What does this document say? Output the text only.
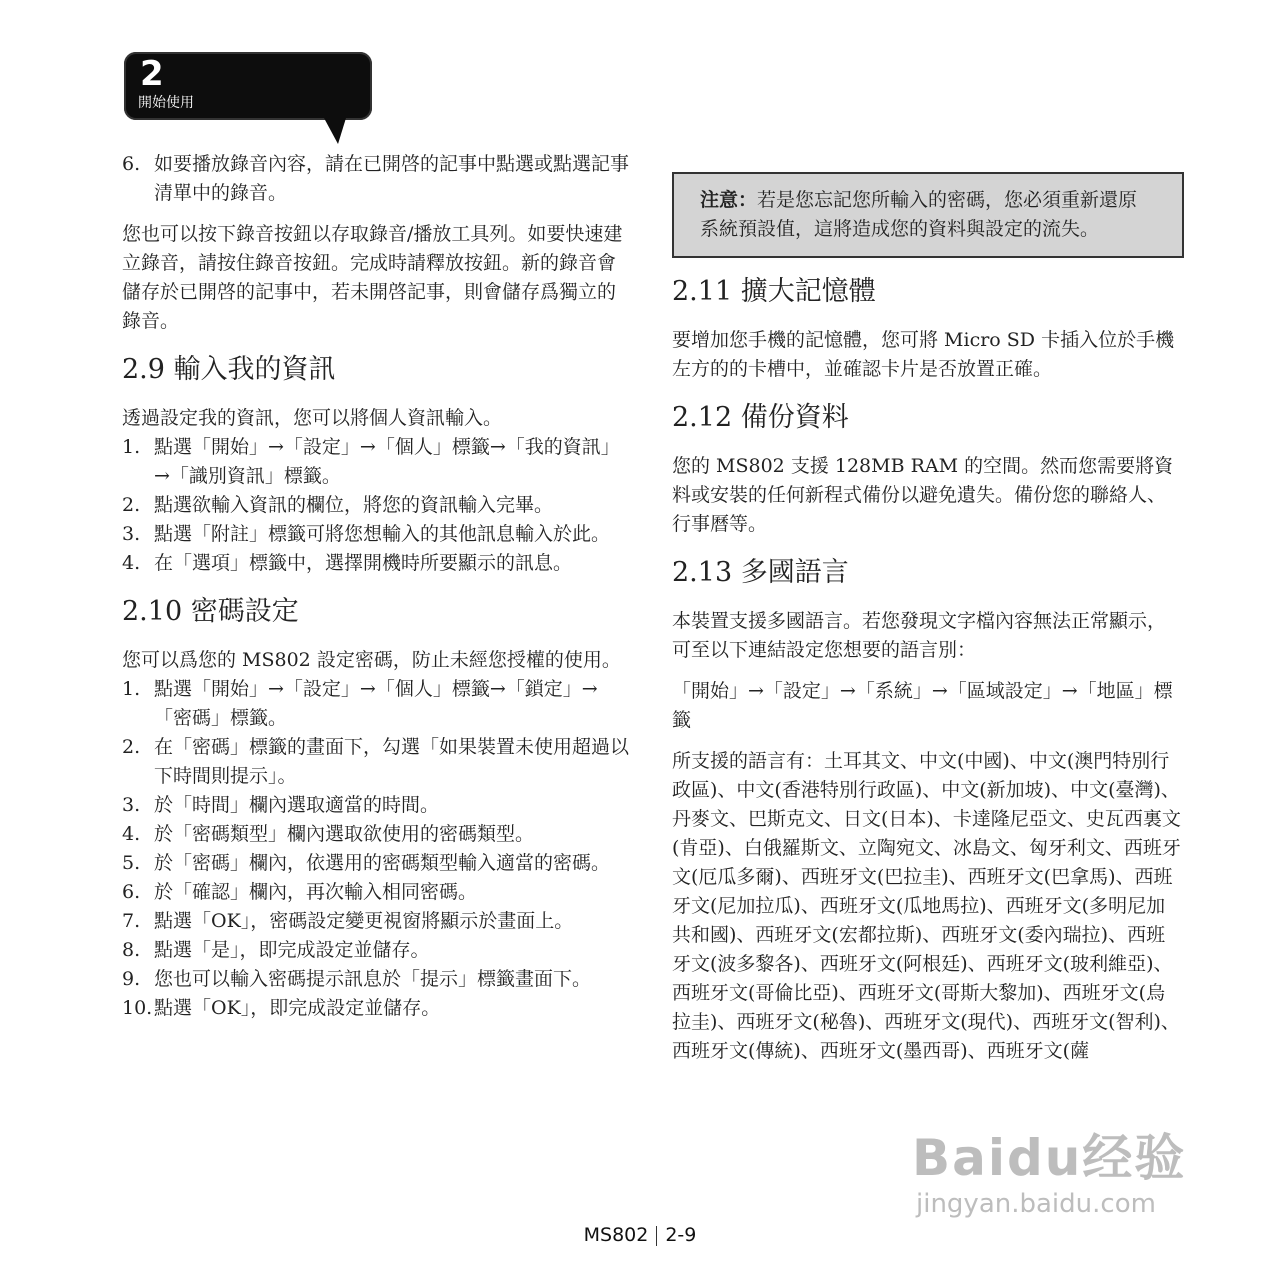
2
開始使用
6. 如要播放錄音內容，請在已開啓的記事中點選或點選記事清單中的錄音。

您也可以按下錄音按鈕以存取錄音/播放工具列。如要快速建立錄音，請按住錄音按鈕。完成時請釋放按鈕。新的錄音會儲存於已開啓的記事中，若未開啓記事，則會儲存爲獨立的錄音。

2.9 輸入我的資訊

透過設定我的資訊，您可以將個人資訊輸入。

1. 點選「開始」→「設定」→「個人」標籤→「我的資訊」→「識別資訊」標籤。
2. 點選欲輸入資訊的欄位，將您的資訊輸入完畢。
3. 點選「附註」標籤可將您想輸入的其他訊息輸入於此。
4. 在「選項」標籤中，選擇開機時所要顯示的訊息。
2.10 密碼設定

您可以爲您的 MS802 設定密碼，防止未經您授權的使用。

1. 點選「開始」→「設定」→「個人」標籤→「鎖定」→「密碼」標籤。
2. 在「密碼」標籤的畫面下，勾選「如果裝置未使用超過以下時間則提示」。
3. 於「時間」欄內選取適當的時間。
4. 於「密碼類型」欄內選取欲使用的密碼類型。
5. 於「密碼」欄內，依選用的密碼類型輸入適當的密碼。
6. 於「確認」欄內，再次輸入相同密碼。
7. 點選「OK」，密碼設定變更視窗將顯示於畫面上。
8. 點選「是」，即完成設定並儲存。
9. 您也可以輸入密碼提示訊息於「提示」標籤畫面下。
10. 點選「OK」，即完成設定並儲存。
注意：若是您忘記您所輸入的密碼，您必須重新還原系統預設值，這將造成您的資料與設定的流失。
2.11 擴大記憶體

要增加您手機的記憶體，您可將 Micro SD 卡插入位於手機左方的的卡槽中，並確認卡片是否放置正確。

2.12 備份資料

您的 MS802 支援 128MB RAM 的空間。然而您需要將資料或安裝的任何新程式備份以避免遺失。備份您的聯絡人、行事曆等。

2.13 多國語言

本裝置支援多國語言。若您發現文字檔內容無法正常顯示，可至以下連結設定您想要的語言別：

「開始」→「設定」→「系統」→「區域設定」→「地區」標籤

所支援的語言有：土耳其文、中文(中國)、中文(澳門特別行政區)、中文(香港特別行政區)、中文(新加坡)、中文(臺灣)、丹麥文、巴斯克文、日文(日本)、卡達隆尼亞文、史瓦西裏文(肯亞)、白俄羅斯文、立陶宛文、冰島文、匈牙利文、西班牙文(厄瓜多爾)、西班牙文(巴拉圭)、西班牙文(巴拿馬)、西班牙文(尼加拉瓜)、西班牙文(瓜地馬拉)、西班牙文(多明尼加共和國)、西班牙文(宏都拉斯)、西班牙文(委內瑞拉)、西班牙文(波多黎各)、西班牙文(阿根廷)、西班牙文(玻利維亞)、西班牙文(哥倫比亞)、西班牙文(哥斯大黎加)、西班牙文(烏拉圭)、西班牙文(秘魯)、西班牙文(現代)、西班牙文(智利)、西班牙文(傳統)、西班牙文(墨西哥)、西班牙文(薩

Baidu经验
jingyan.baidu.com
MS802 2-9
